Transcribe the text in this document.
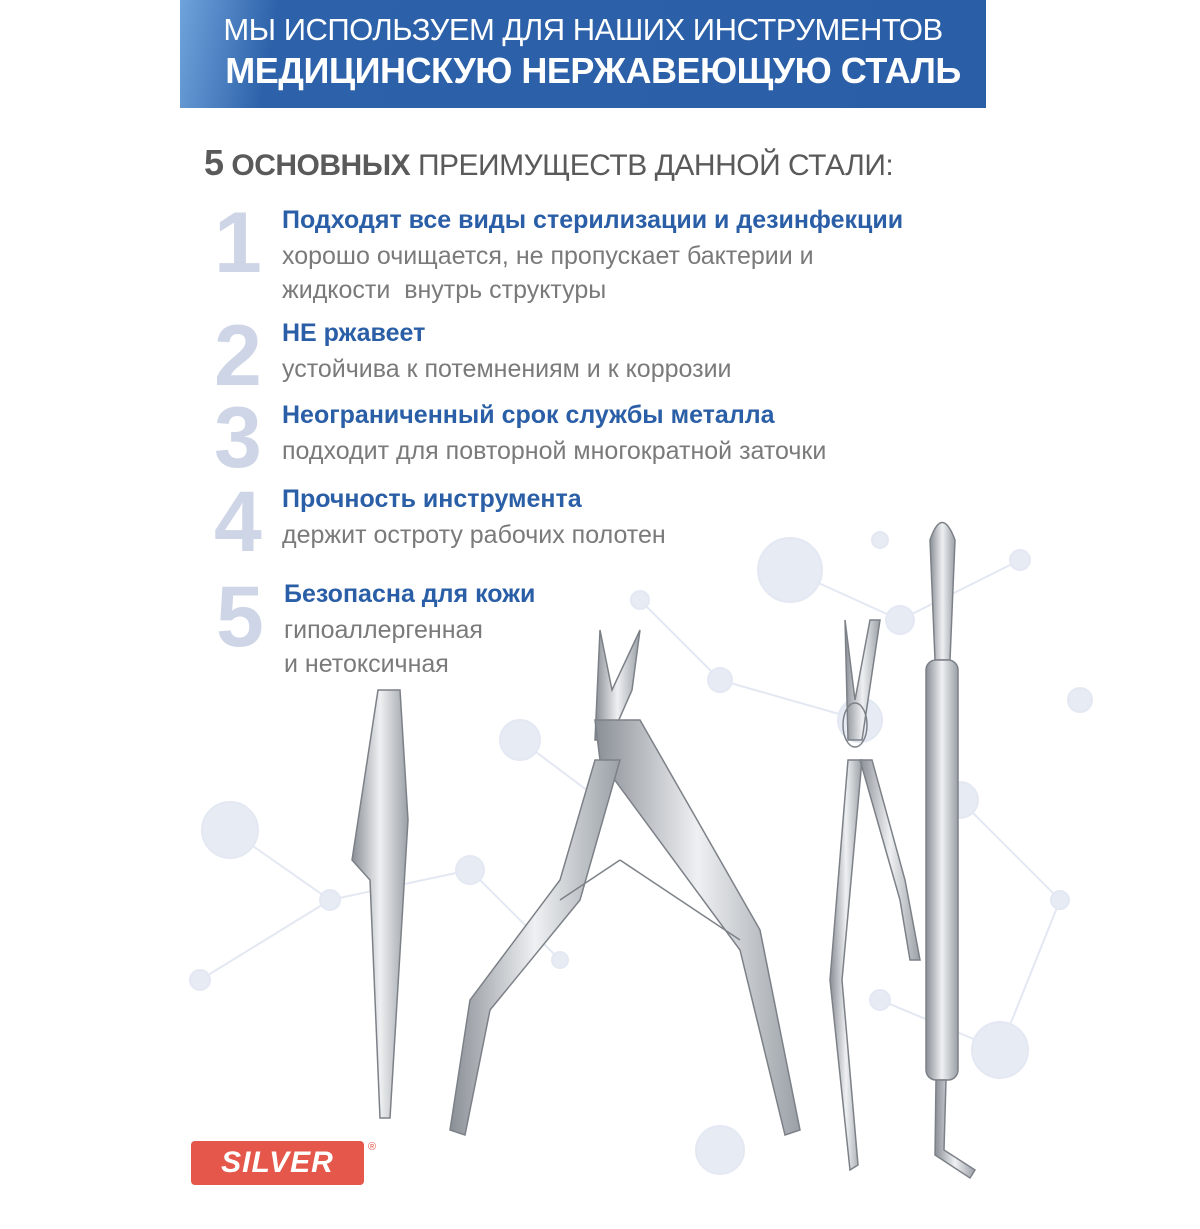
МЫ ИСПОЛЬЗУЕМ ДЛЯ НАШИХ ИНСТРУМЕНТОВ
МЕДИЦИНСКУЮ НЕРЖАВЕЮЩУЮ СТАЛЬ
5 ОСНОВНЫХ ПРЕИМУЩЕСТВ ДАННОЙ СТАЛИ:
1 Подходят все виды стерилизации и дезинфекции
хорошо очищается, не пропускает бактерии и
жидкости  внутрь структуры
2 НЕ ржавеет
устойчива к потемнениям и к коррозии
3 Неограниченный срок службы металла
подходит для повторной многократной заточки
4 Прочность инструмента
держит остроту рабочих полотен
5 Безопасна для кожи
гипоаллергенная
и нетоксичная
SILVER STAR
®
